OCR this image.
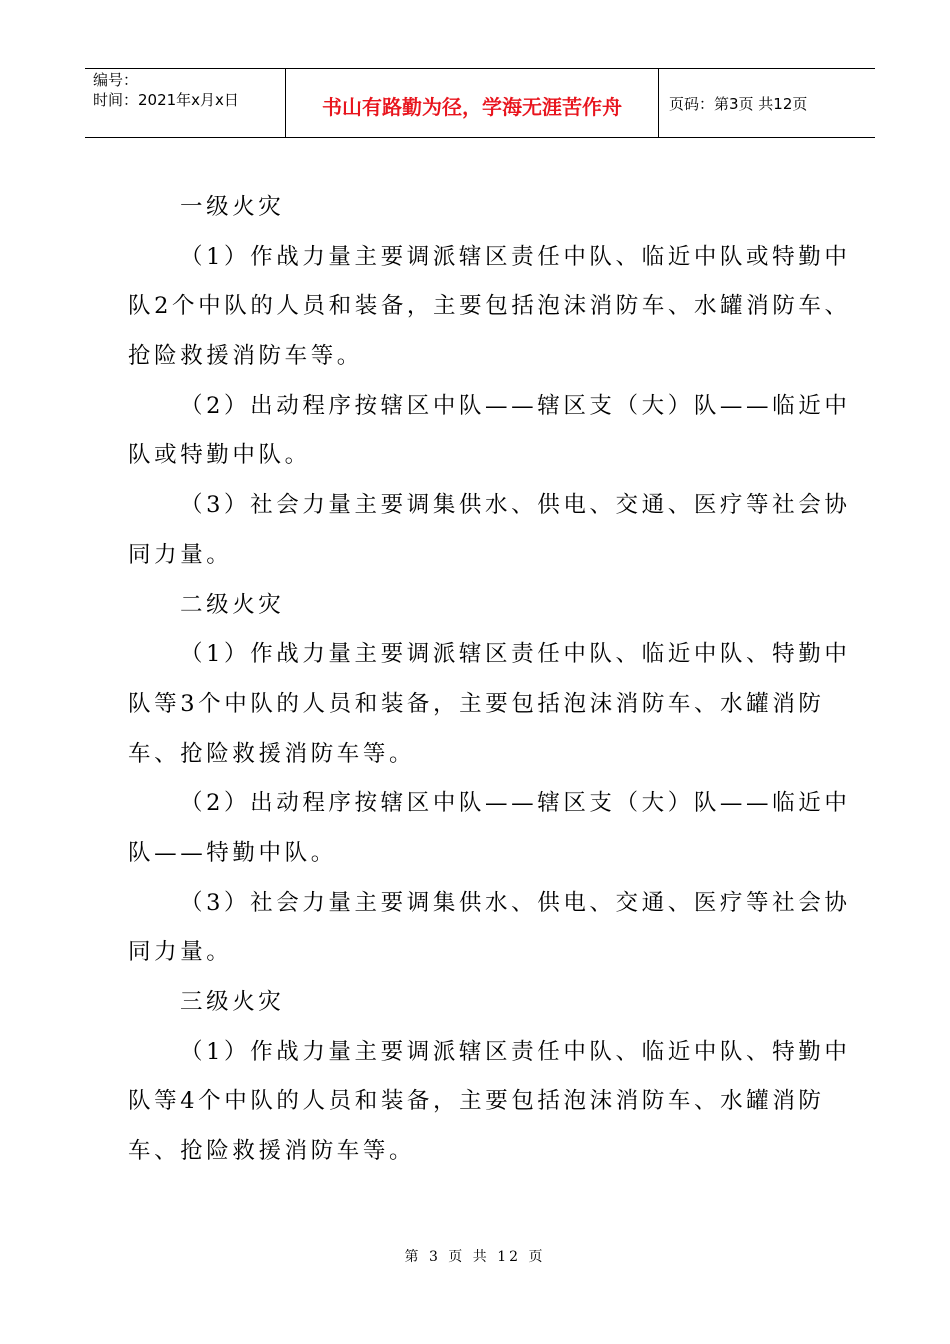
编号：
时间：2021年x月x日	书山有路勤为径，学海无涯苦作舟	页码：第3页 共12页
一级火灾
（1）作战力量主要调派辖区责任中队、临近中队或特勤中
队2个中队的人员和装备，主要包括泡沫消防车、水罐消防车、
抢险救援消防车等。
（2）出动程序按辖区中队——辖区支（大）队——临近中
队或特勤中队。
（3）社会力量主要调集供水、供电、交通、医疗等社会协
同力量。
二级火灾
（1）作战力量主要调派辖区责任中队、临近中队、特勤中
队等3个中队的人员和装备，主要包括泡沫消防车、水罐消防
车、抢险救援消防车等。
（2）出动程序按辖区中队——辖区支（大）队——临近中
队——特勤中队。
（3）社会力量主要调集供水、供电、交通、医疗等社会协
同力量。
三级火灾
（1）作战力量主要调派辖区责任中队、临近中队、特勤中
队等4个中队的人员和装备，主要包括泡沫消防车、水罐消防
车、抢险救援消防车等。
第 3 页 共 12 页
